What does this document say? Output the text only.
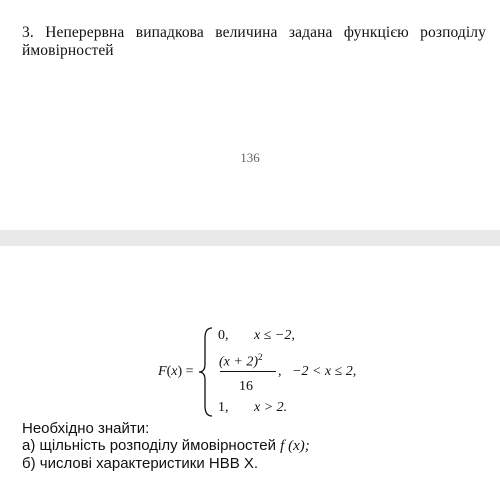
3. Неперервна випадкова величина задана функцією розподілу ймовірностей
136
F(x) =
0, x ≤ −2,
$(x + 2)^2$
16
, −2 < x ≤ 2,
1, x > 2.
Необхідно знайти:
а) щільність розподілу ймовірностей f (x);
б) числові характеристики НВВ X.
